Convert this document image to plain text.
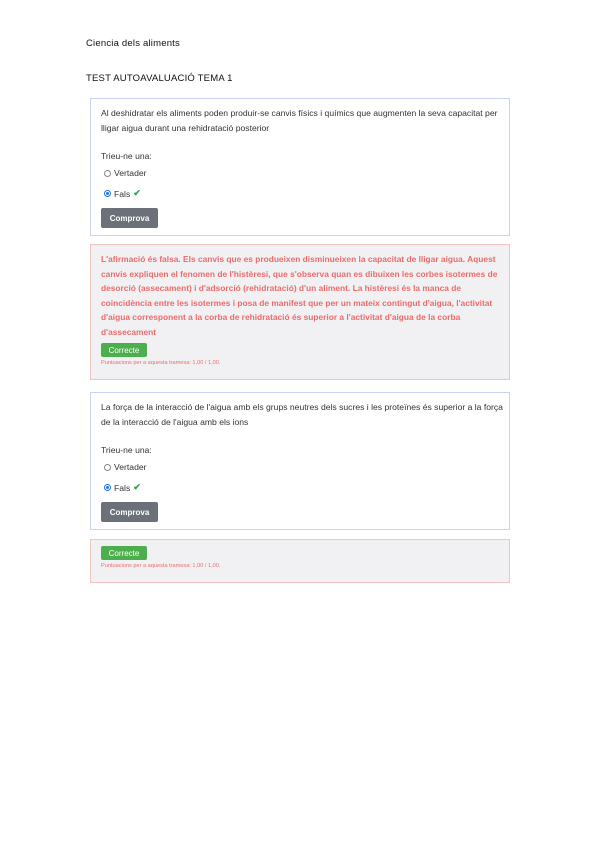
Ciencia dels aliments
TEST AUTOAVALUACIÓ TEMA 1
Al deshidratar els aliments poden produir-se canvis físics i químics que augmenten la seva capacitat per lligar aigua durant una rehidratació posterior
Trieu-ne una:
Vertader
Fals ✔
Comprova
L'afirmació és falsa. Els canvis que es produeixen disminueixen la capacitat de lligar aigua. Aquest canvis expliquen el fenomen de l'histèresi, que s'observa quan es dibuixen les corbes isotermes de desorció (assecament) i d'adsorció (rehidratació) d'un aliment. La histèresi és la manca de coincidència entre les isotermes i posa de manifest que per un mateix contingut d'aigua, l'activitat d'aigua corresponent a la corba de rehidratació és superior a l'activitat d'aigua de la corba d'assecament
Correcte
Puntuacions per a aquesta tramesa: 1,00 / 1,00.
La força de la interacció de l'aigua amb els grups neutres dels sucres i les proteïnes és superior a la força de la interacció de l'aigua amb els ions
Trieu-ne una:
Vertader
Fals ✔
Comprova
Correcte
Puntuacions per a aquesta tramesa: 1,00 / 1,00.
